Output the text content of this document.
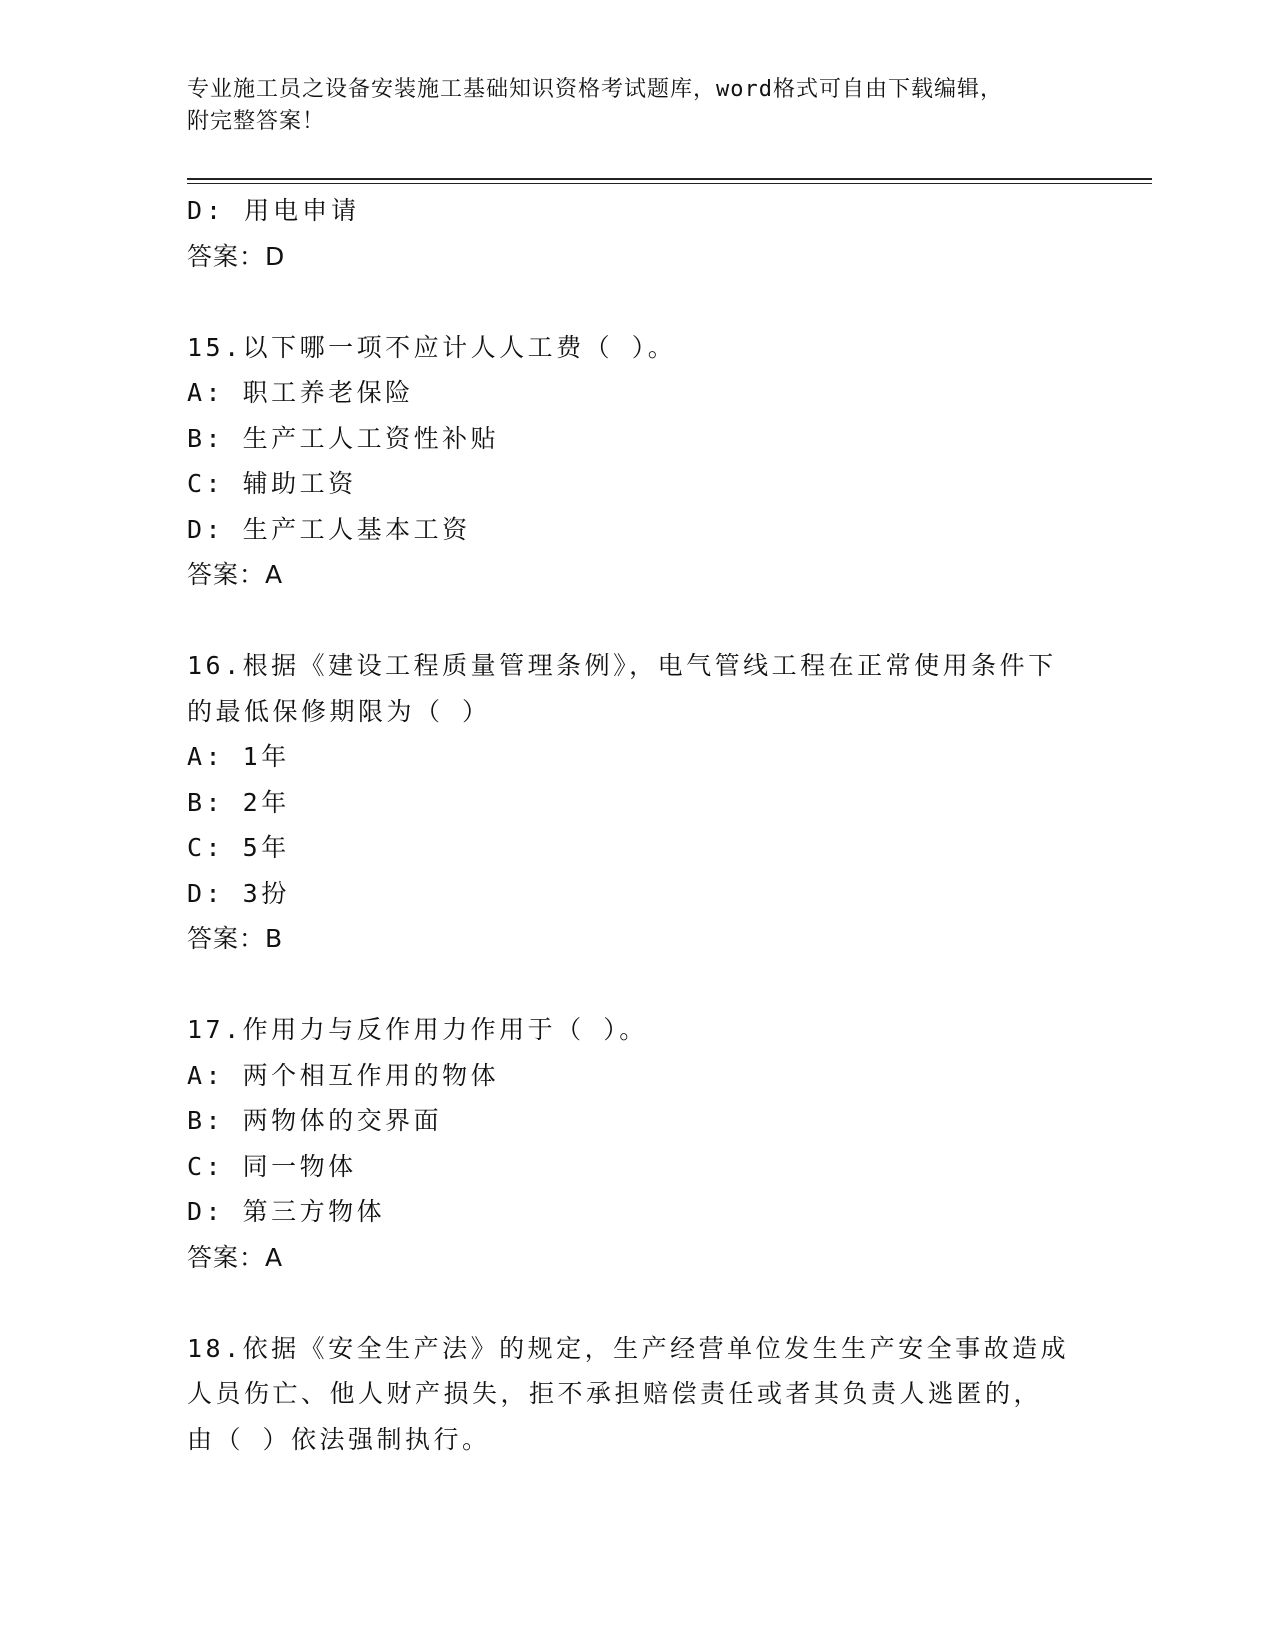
专业施工员之设备安装施工基础知识资格考试题库，word格式可自由下载编辑，
附完整答案！
D: 用电申请
答案：D
15.以下哪一项不应计人人工费（ ）。
A: 职工养老保险
B: 生产工人工资性补贴
C: 辅助工资
D: 生产工人基本工资
答案：A
16.根据《建设工程质量管理条例》，电气管线工程在正常使用条件下
的最低保修期限为（ ）
A: 1年
B: 2年
C: 5年
D: 3扮
答案：B
17.作用力与反作用力作用于（ ）。
A: 两个相互作用的物体
B: 两物体的交界面
C: 同一物体
D: 第三方物体
答案：A
18.依据《安全生产法》的规定，生产经营单位发生生产安全事故造成
人员伤亡、他人财产损失，拒不承担赔偿责任或者其负责人逃匿的，
由（ ）依法强制执行。
